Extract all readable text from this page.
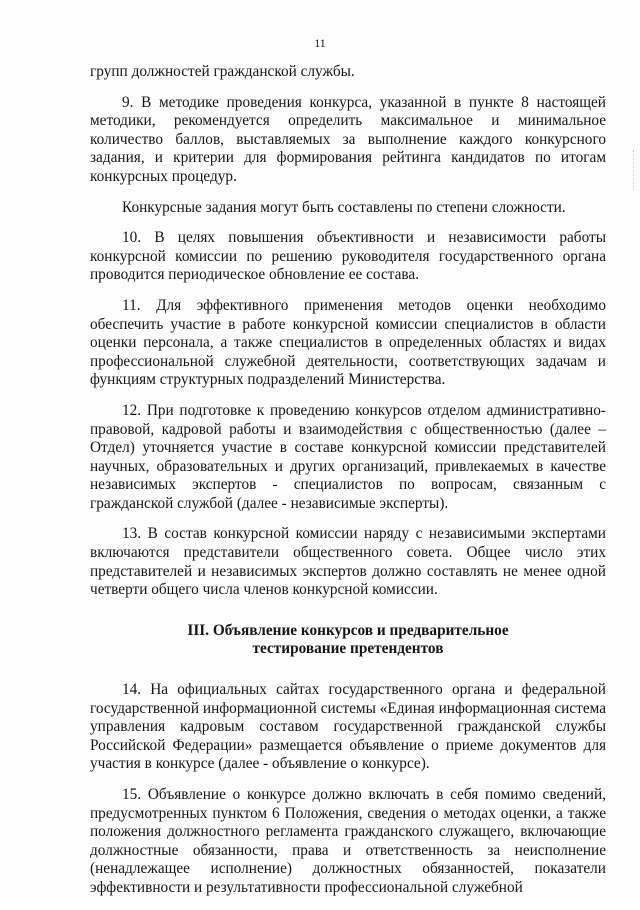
11

групп должностей гражданской службы.

9. В методике проведения конкурса, указанной в пункте 8 настоящей методики, рекомендуется определить максимальное и минимальное количество баллов, выставляемых за выполнение каждого конкурсного задания, и критерии для формирования рейтинга кандидатов по итогам конкурсных процедур.

Конкурсные задания могут быть составлены по степени сложности.

10. В целях повышения объективности и независимости работы конкурсной комиссии по решению руководителя государственного органа проводится периодическое обновление ее состава.

11. Для эффективного применения методов оценки необходимо обеспечить участие в работе конкурсной комиссии специалистов в области оценки персонала, а также специалистов в определенных областях и видах профессиональной служебной деятельности, соответствующих задачам и функциям структурных подразделений Министерства.

12. При подготовке к проведению конкурсов отделом административно-правовой, кадровой работы и взаимодействия с общественностью (далее – Отдел) уточняется участие в составе конкурсной комиссии представителей научных, образовательных и других организаций, привлекаемых в качестве независимых экспертов - специалистов по вопросам, связанным с гражданской службой (далее - независимые эксперты).

13. В состав конкурсной комиссии наряду с независимыми экспертами включаются представители общественного совета. Общее число этих представителей и независимых экспертов должно составлять не менее одной четверти общего числа членов конкурсной комиссии.

III. Объявление конкурсов и предварительное
тестирование претендентов

14. На официальных сайтах государственного органа и федеральной государственной информационной системы «Единая информационная система управления кадровым составом государственной гражданской службы Российской Федерации» размещается объявление о приеме документов для участия в конкурсе (далее - объявление о конкурсе).

15. Объявление о конкурсе должно включать в себя помимо сведений, предусмотренных пунктом 6 Положения, сведения о методах оценки, а также положения должностного регламента гражданского служащего, включающие должностные обязанности, права и ответственность за неисполнение (ненадлежащее исполнение) должностных обязанностей, показатели эффективности и результативности профессиональной служебной
